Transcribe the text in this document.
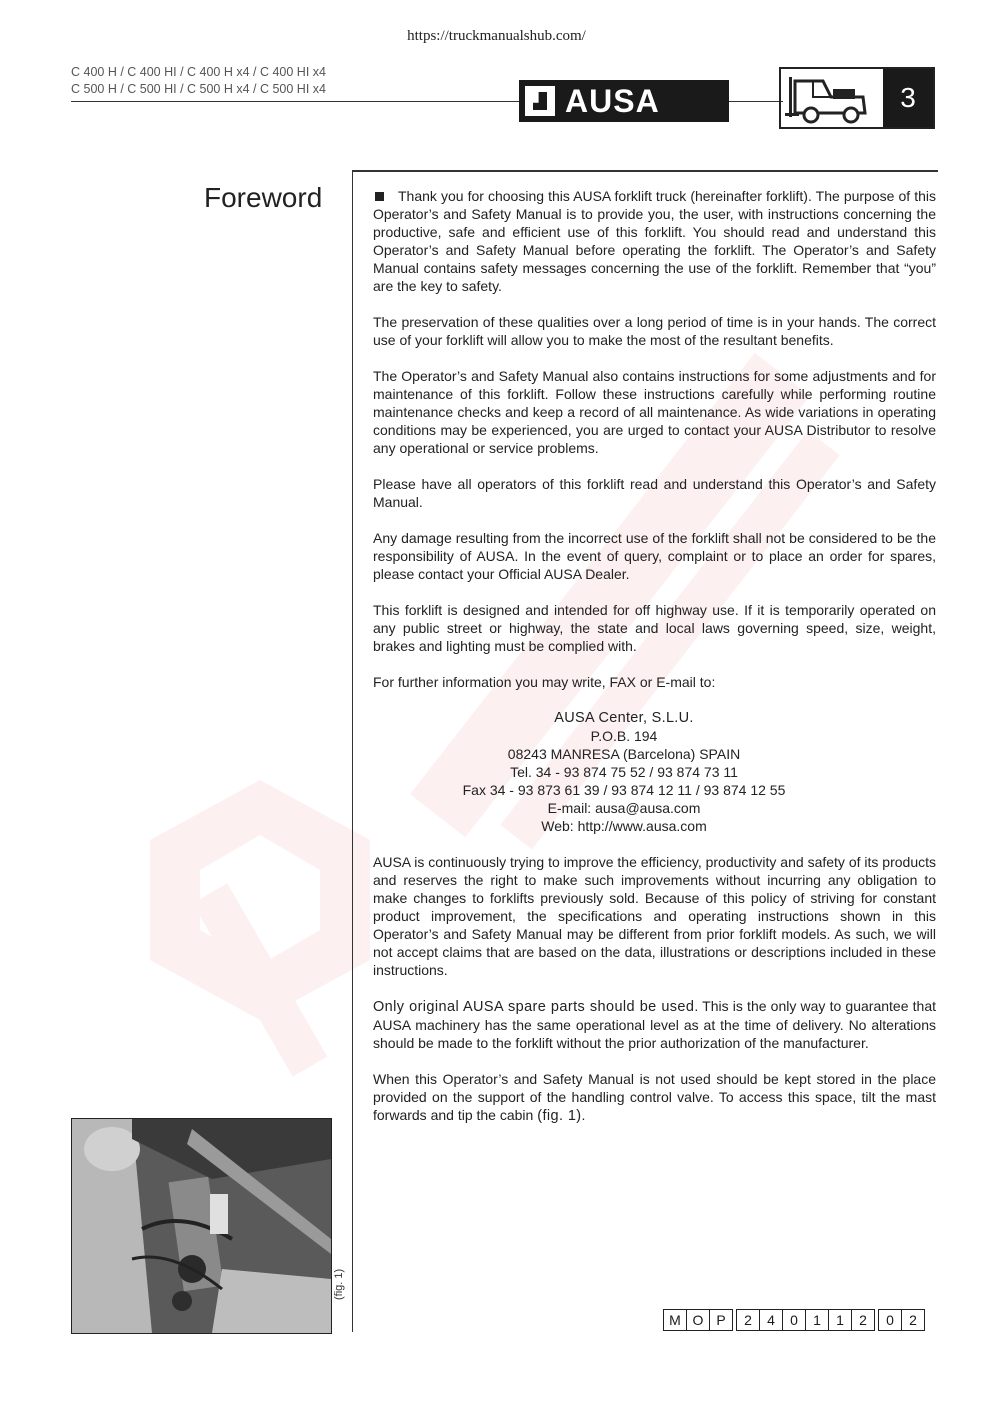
https://truckmanualshub.com/
C 400 H / C 400 HI / C 400 H x4 / C 400 HI x4
C 500 H / C 500 HI / C 500 H x4 / C 500 HI x4	AUSA	3
Foreword	Thank you for choosing this AUSA forklift truck (hereinafter forklift). The purpose of this Operator’s and Safety Manual is to provide you, the user, with instructions concerning the productive, safe and efficient use of this forklift. You should read and understand this Operator’s and Safety Manual before operating the forklift. The Operator’s and Safety Manual contains safety messages concerning the use of the forklift. Remember that “you” are the key to safety.

The preservation of these qualities over a long period of time is in your hands. The correct use of your forklift will allow you to make the most of the resultant benefits.

The Operator’s and Safety Manual also contains instructions for some adjustments and for maintenance of this forklift. Follow these instructions carefully while performing routine maintenance checks and keep a record of all maintenance. As wide variations in operating conditions may be experienced, you are urged to contact your AUSA Distributor to resolve any operational or service problems.

Please have all operators of this forklift read and understand this Operator’s and Safety Manual.

Any damage resulting from the incorrect use of the forklift shall not be considered to be the responsibility of AUSA. In the event of query, complaint or to place an order for spares, please contact your Official AUSA Dealer.

This forklift is designed and intended for off highway use. If it is temporarily operated on any public street or highway, the state and local laws governing speed, size, weight, brakes and lighting must be complied with.

For further information you may write, FAX or E-mail to:

AUSA Center, S.L.U.
P.O.B. 194
08243 MANRESA (Barcelona) SPAIN
Tel. 34 - 93 874 75 52 / 93 874 73 11
Fax 34 - 93 873 61 39 / 93 874 12 11 / 93 874 12 55
E-mail: ausa@ausa.com
Web: http://www.ausa.com

AUSA is continuously trying to improve the efficiency, productivity and safety of its products and reserves the right to make such improvements without incurring any obligation to make changes to forklifts previously sold. Because of this policy of striving for constant product improvement, the specifications and operating instructions shown in this Operator’s and Safety Manual may be different from prior forklift models. As such, we will not accept claims that are based on the data, illustrations or descriptions included in these instructions.

Only original AUSA spare parts should be used. This is the only way to guarantee that AUSA machinery has the same operational level as at the time of delivery. No alterations should be made to the forklift without the prior authorization of the manufacturer.

When this Operator’s and Safety Manual is not used should be kept stored in the place provided on the support of the handling control valve. To access this space, tilt the mast forwards and tip the cabin (fig. 1).

(fig. 1)
M O P	2	4	0	1	1	2	0	2
